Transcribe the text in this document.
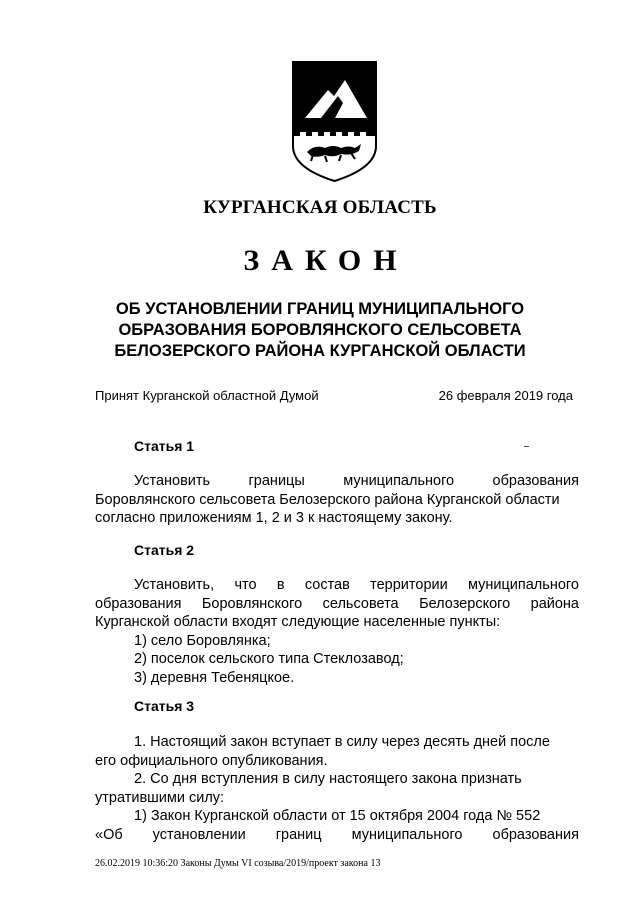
КУРГАНСКАЯ ОБЛАСТЬ
ЗАКОН
ОБ УСТАНОВЛЕНИИ ГРАНИЦ МУНИЦИПАЛЬНОГО
ОБРАЗОВАНИЯ БОРОВЛЯНСКОГО СЕЛЬСОВЕТА
БЕЛОЗЕРСКОГО РАЙОНА КУРГАНСКОЙ ОБЛАСТИ
Принят Курганской областной Думой	26 февраля 2019 года
Статья 1
Установить	границы	муниципального	образования
Боровлянского сельсовета Белозерского района Курганской области
согласно приложениям 1, 2 и 3 к настоящему закону.
Статья 2
Установить, что в состав территории муниципального
образования Боровлянского сельсовета Белозерского района
Курганской области входят следующие населенные пункты:
1) село Боровлянка;
2) поселок сельского типа Стеклозавод;
3) деревня Тебеняцкое.
Статья 3
1. Настоящий закон вступает в силу через десять дней после
его официального опубликования.
2. Со дня вступления в силу настоящего закона признать
утратившими силу:
1) Закон Курганской области от 15 октября 2004 года № 552
«Об установлении границ муниципального образования
26.02.2019 10:36:20 Законы Думы VI созыва/2019/проект закона 13
